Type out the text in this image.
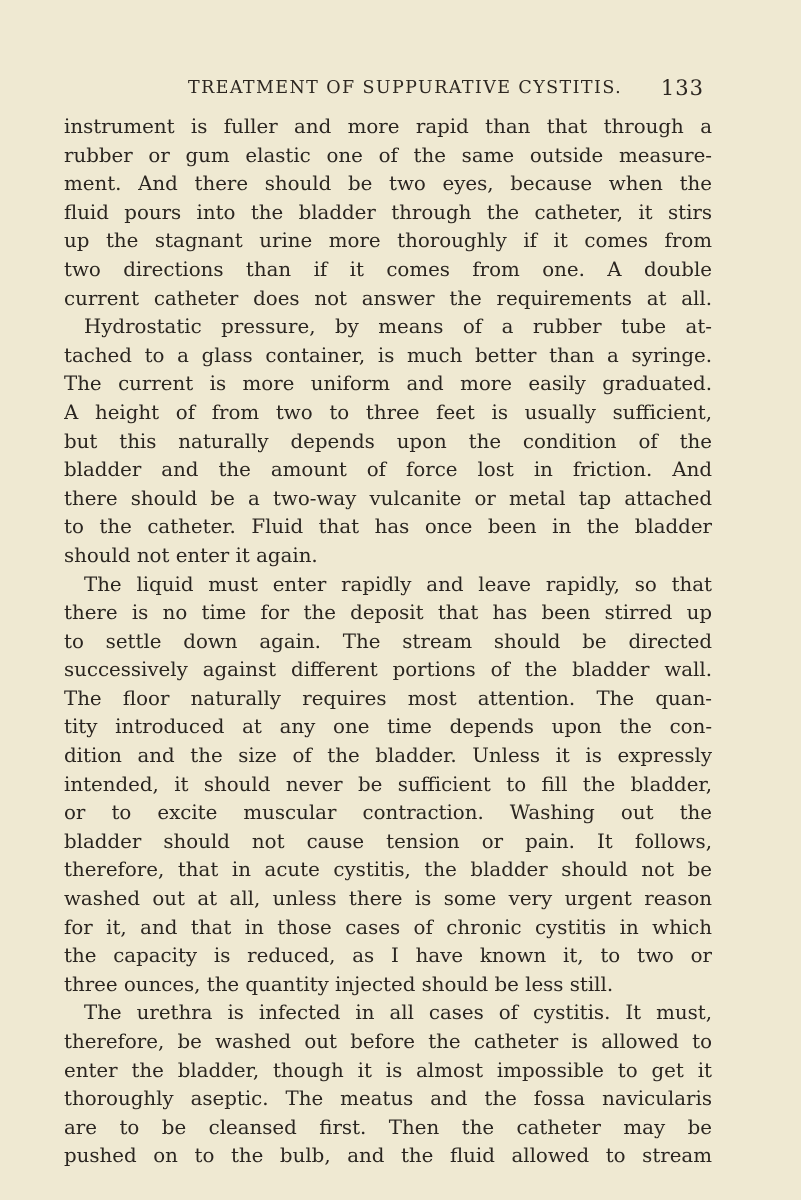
TREATMENT OF SUPPURATIVE CYSTITIS. 133
instrument is fuller and more rapid than that through a
rubber or gum elastic one of the same outside measure-
ment. And there should be two eyes, because when the
fluid pours into the bladder through the catheter, it stirs
up the stagnant urine more thoroughly if it comes from
two directions than if it comes from one. A double
current catheter does not answer the requirements at all.
Hydrostatic pressure, by means of a rubber tube at-
tached to a glass container, is much better than a syringe.
The current is more uniform and more easily graduated.
A height of from two to three feet is usually sufficient,
but this naturally depends upon the condition of the
bladder and the amount of force lost in friction. And
there should be a two-way vulcanite or metal tap attached
to the catheter. Fluid that has once been in the bladder
should not enter it again.
The liquid must enter rapidly and leave rapidly, so that
there is no time for the deposit that has been stirred up
to settle down again. The stream should be directed
successively against different portions of the bladder wall.
The floor naturally requires most attention. The quan-
tity introduced at any one time depends upon the con-
dition and the size of the bladder. Unless it is expressly
intended, it should never be sufficient to fill the bladder,
or to excite muscular contraction. Washing out the
bladder should not cause tension or pain. It follows,
therefore, that in acute cystitis, the bladder should not be
washed out at all, unless there is some very urgent reason
for it, and that in those cases of chronic cystitis in which
the capacity is reduced, as I have known it, to two or
three ounces, the quantity injected should be less still.
The urethra is infected in all cases of cystitis. It must,
therefore, be washed out before the catheter is allowed to
enter the bladder, though it is almost impossible to get it
thoroughly aseptic. The meatus and the fossa navicularis
are to be cleansed first. Then the catheter may be
pushed on to the bulb, and the fluid allowed to stream
